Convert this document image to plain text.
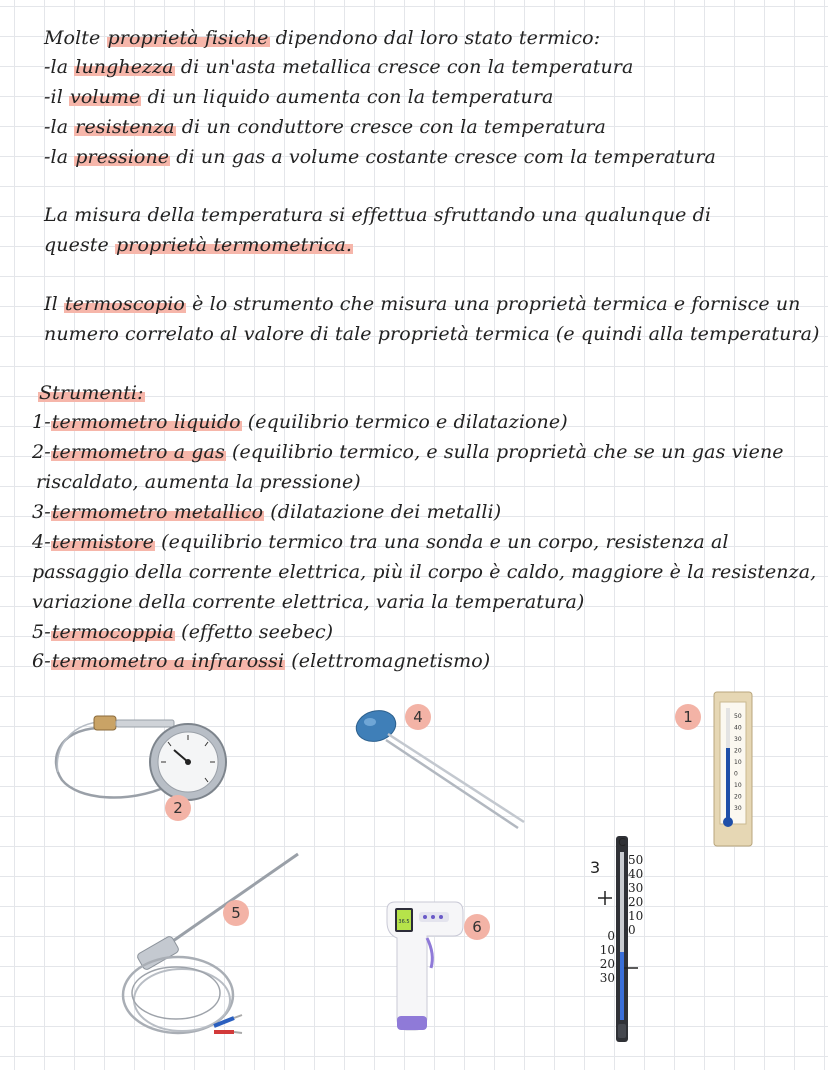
Molte proprietà fisiche dipendono dal loro stato termico:
-la lunghezza di un'asta metallica cresce con la temperatura
-il volume di un liquido aumenta con la temperatura
-la resistenza di un conduttore cresce con la temperatura
-la pressione di un gas a volume costante cresce com la temperatura
La misura della temperatura si effettua sfruttando una qualunque di
queste proprietà termometrica.
Il termoscopio è lo strumento che misura una proprietà termica e fornisce un
numero correlato al valore di tale proprietà termica (e quindi alla temperatura)
Strumenti:
1-termometro liquido (equilibrio termico e dilatazione)
2-termometro a gas (equilibrio termico, e sulla proprietà che se un gas viene
riscaldato, aumenta la pressione)
3-termometro metallico (dilatazione dei metalli)
4-termistore (equilibrio termico tra una sonda e un corpo, resistenza al
passaggio della corrente elettrica, più il corpo è caldo, maggiore è la resistenza,
variazione della corrente elettrica, varia la temperatura)
5-termocoppia (effetto seebec)
6-termometro a infrarossi (elettromagnetismo)
2
4	1	50
40
30
20
10
0
10
20
30
5	36.5	6
3
C
50
40
30
20
10
0
0
10
20
30
